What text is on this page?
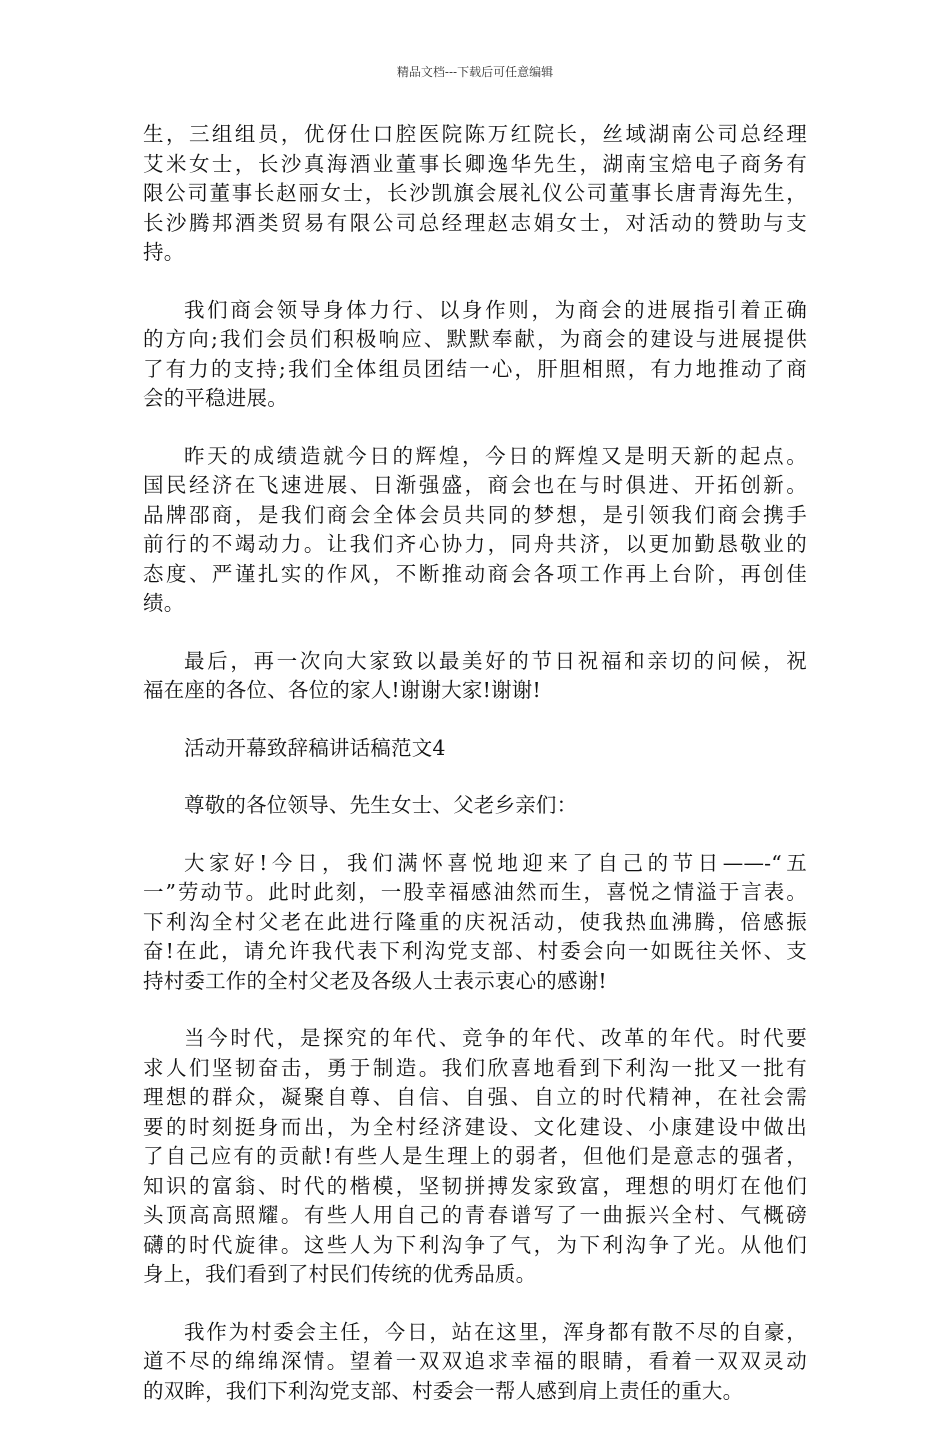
精品文档---下载后可任意编辑
生，三组组员，优伢仕口腔医院陈万红院长，丝域湖南公司总经理
艾米女士，长沙真海酒业董事长卿逸华先生，湖南宝焙电子商务有
限公司董事长赵丽女士，长沙凯旗会展礼仪公司董事长唐青海先生，
长沙腾邦酒类贸易有限公司总经理赵志娟女士，对活动的赞助与支
持。
我们商会领导身体力行、以身作则，为商会的进展指引着正确
的方向;我们会员们积极响应、默默奉献，为商会的建设与进展提供
了有力的支持;我们全体组员团结一心，肝胆相照，有力地推动了商
会的平稳进展。
昨天的成绩造就今日的辉煌，今日的辉煌又是明天新的起点。
国民经济在飞速进展、日渐强盛，商会也在与时俱进、开拓创新。
品牌邵商，是我们商会全体会员共同的梦想，是引领我们商会携手
前行的不竭动力。让我们齐心协力，同舟共济，以更加勤恳敬业的
态度、严谨扎实的作风，不断推动商会各项工作再上台阶，再创佳
绩。
最后，再一次向大家致以最美好的节日祝福和亲切的问候，祝
福在座的各位、各位的家人!谢谢大家!谢谢!
活动开幕致辞稿讲话稿范文4
尊敬的各位领导、先生女士、父老乡亲们：
大家好!今日，我们满怀喜悦地迎来了自己的节日——-“五
一”劳动节。此时此刻，一股幸福感油然而生，喜悦之情溢于言表。
下利沟全村父老在此进行隆重的庆祝活动，使我热血沸腾，倍感振
奋!在此，请允许我代表下利沟党支部、村委会向一如既往关怀、支
持村委工作的全村父老及各级人士表示衷心的感谢!
当今时代，是探究的年代、竞争的年代、改革的年代。时代要
求人们坚韧奋击，勇于制造。我们欣喜地看到下利沟一批又一批有
理想的群众，凝聚自尊、自信、自强、自立的时代精神，在社会需
要的时刻挺身而出，为全村经济建设、文化建设、小康建设中做出
了自己应有的贡献!有些人是生理上的弱者，但他们是意志的强者，
知识的富翁、时代的楷模，坚韧拼搏发家致富，理想的明灯在他们
头顶高高照耀。有些人用自己的青春谱写了一曲振兴全村、气概磅
礴的时代旋律。这些人为下利沟争了气，为下利沟争了光。从他们
身上，我们看到了村民们传统的优秀品质。
我作为村委会主任，今日，站在这里，浑身都有散不尽的自豪，
道不尽的绵绵深情。望着一双双追求幸福的眼睛，看着一双双灵动
的双眸，我们下利沟党支部、村委会一帮人感到肩上责任的重大。
